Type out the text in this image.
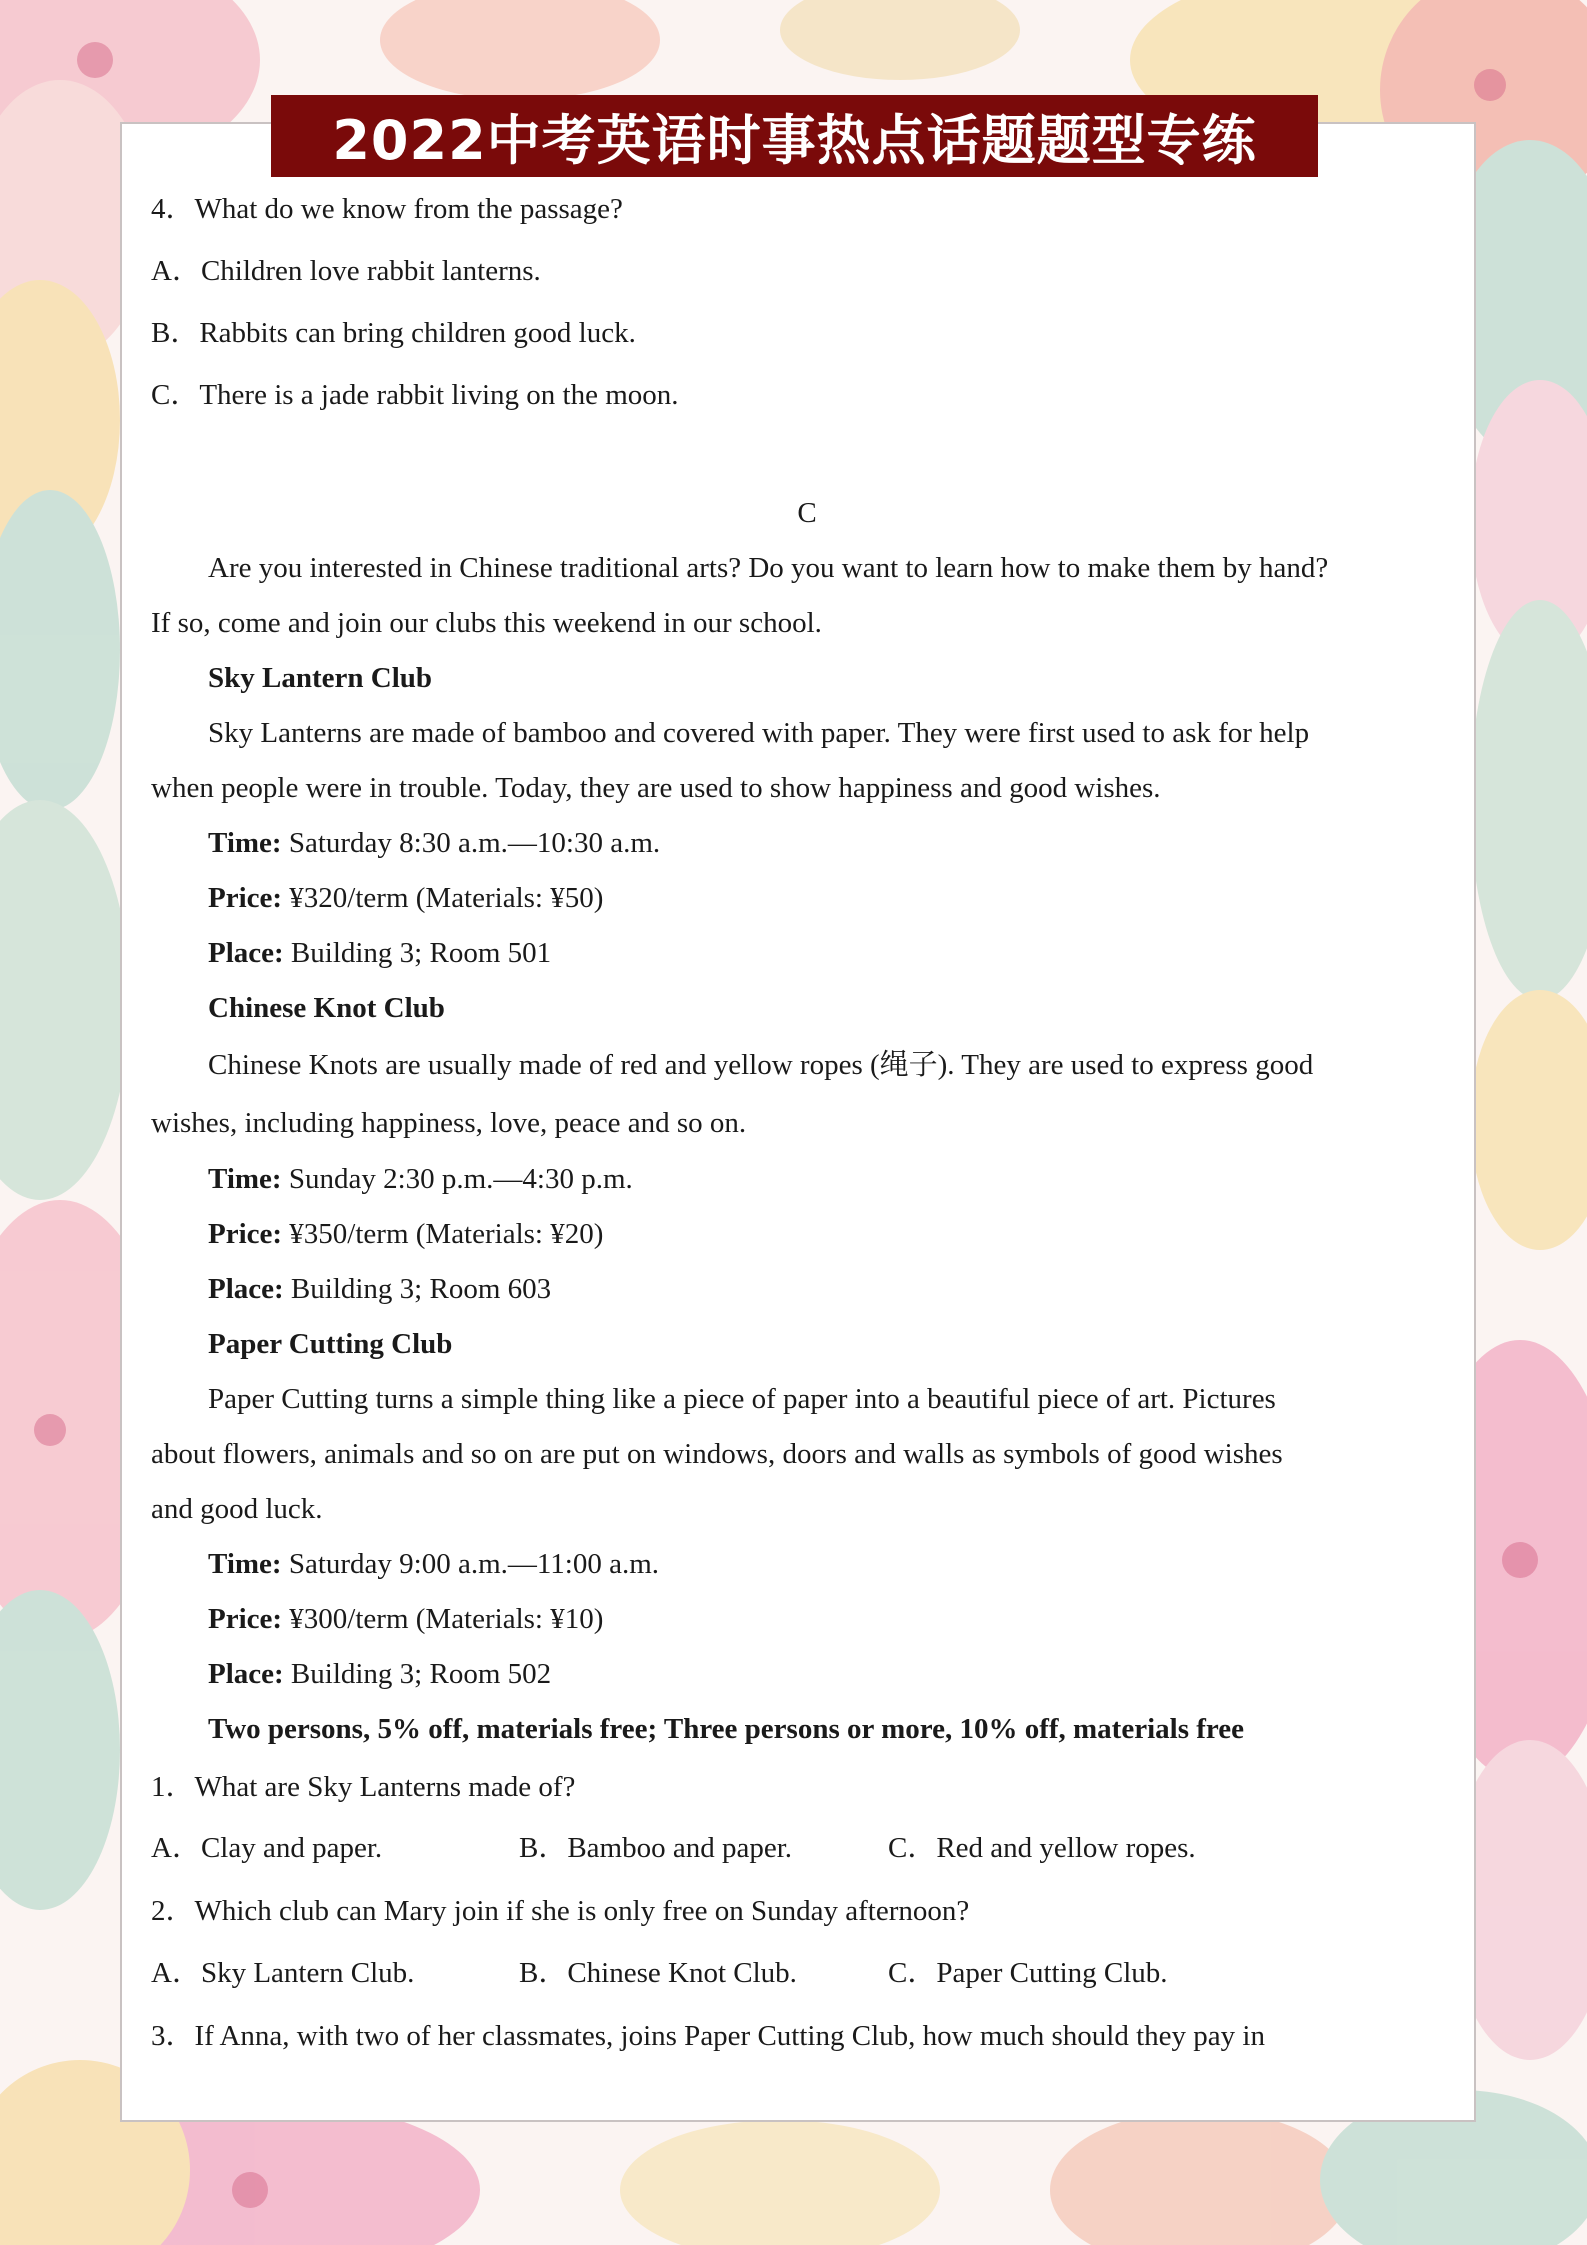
2022中考英语时事热点话题题型专练
4．What do we know from the passage?
A．Children love rabbit lanterns.
B．Rabbits can bring children good luck.
C．There is a jade rabbit living on the moon.
C
Are you interested in Chinese traditional arts? Do you want to learn how to make them by hand?
If so, come and join our clubs this weekend in our school.
Sky Lantern Club
Sky Lanterns are made of bamboo and covered with paper. They were first used to ask for help
when people were in trouble. Today, they are used to show happiness and good wishes.
Time: Saturday 8:30 a.m.—10:30 a.m.
Price: ¥320/term (Materials: ¥50)
Place: Building 3; Room 501
Chinese Knot Club
Chinese Knots are usually made of red and yellow ropes (绳子). They are used to express good
wishes, including happiness, love, peace and so on.
Time: Sunday 2:30 p.m.—4:30 p.m.
Price: ¥350/term (Materials: ¥20)
Place: Building 3; Room 603
Paper Cutting Club
Paper Cutting turns a simple thing like a piece of paper into a beautiful piece of art. Pictures
about flowers, animals and so on are put on windows, doors and walls as symbols of good wishes
and good luck.
Time: Saturday 9:00 a.m.—11:00 a.m.
Price: ¥300/term (Materials: ¥10)
Place: Building 3; Room 502
Two persons, 5% off, materials free; Three persons or more, 10% off, materials free
1．What are Sky Lanterns made of?
A．Clay and paper.	B．Bamboo and paper.	C．Red and yellow ropes.
2．Which club can Mary join if she is only free on Sunday afternoon?
A．Sky Lantern Club.	B．Chinese Knot Club.	C．Paper Cutting Club.
3．If Anna, with two of her classmates, joins Paper Cutting Club, how much should they pay in
